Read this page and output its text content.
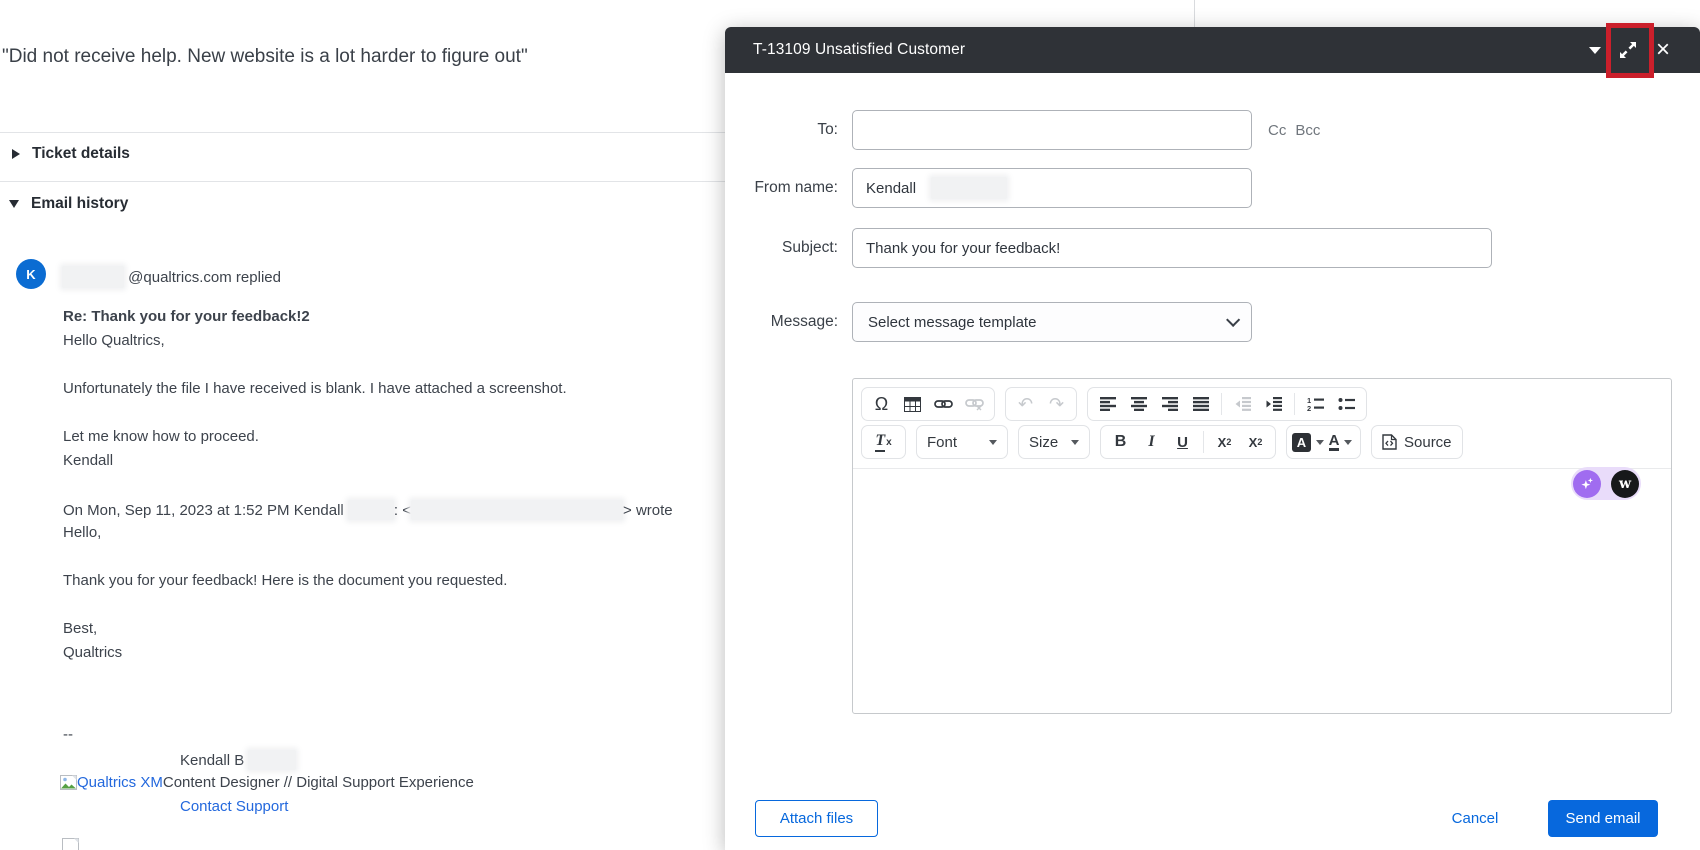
"Did not receive help. New website is a lot harder to figure out"
Ticket details
Email history
K
	@qualtrics.com replied
Re: Thank you for your feedback!2
Hello Qualtrics,
Unfortunately the file I have received is blank. I have attached a screenshot.
Let me know how to proceed.
Kendall
On Mon, Sep 11, 2023 at 1:52 PM Kendall	: <	> wrote
Hello,
Thank you for your feedback! Here is the document you requested.
Best,
Qualtrics
--
Kendall B

Qualtrics XM Content Designer // Digital Support Experience
Contact Support
T-13109 Unsatisfied Customer	×
To:	Cc Bcc
From name:
Kendall
Subject:
Thank you for your feedback!
Message: Select message template
Ω	↶ ↷	1
2
T x Font	Size	B	I	U	X 2 X 2	A	A	Source
w
Attach files	Cancel	Send email
